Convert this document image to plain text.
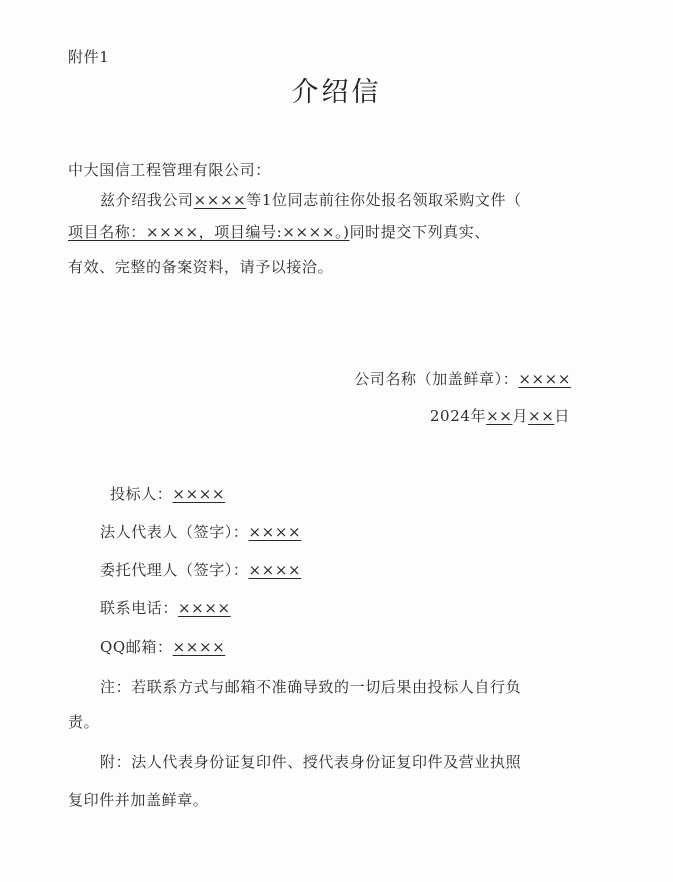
附件1
介绍信
中大国信工程管理有限公司：
兹介绍我公司××××等1位同志前往你处报名领取采购文件（
项目名称：××××，项目编号:××××。)同时提交下列真实、
有效、完整的备案资料，请予以接洽。
公司名称（加盖鲜章）：××××
2024年××月××日
投标人：××××
法人代表人（签字）：××××
委托代理人（签字）：××××
联系电话：××××
QQ邮箱：××××
注：若联系方式与邮箱不准确导致的一切后果由投标人自行负
责。
附：法人代表身份证复印件、授代表身份证复印件及营业执照
复印件并加盖鲜章。
